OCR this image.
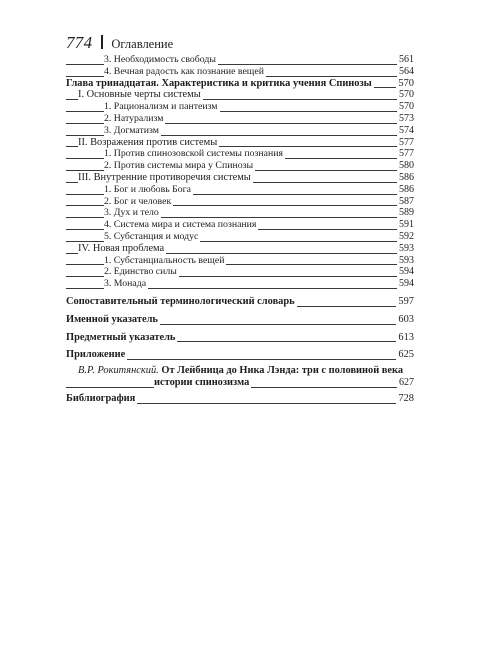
774 Оглавление
3. Необходимость свободы	561
4. Вечная радость как познание вещей	564
Глава тринадцатая. Характеристика и критика учения Спинозы	570
I. Основные черты системы	570
1. Рационализм и пантеизм	570
2. Натурализм	573
3. Догматизм	574
II. Возражения против системы	577
1. Против спинозовской системы познания	577
2. Против системы мира у Спинозы	580
III. Внутренние противоречия системы	586
1. Бог и любовь Бога	586
2. Бог и человек	587
3. Дух и тело	589
4. Система мира и система познания	591
5. Субстанция и модус	592
IV. Новая проблема	593
1. Субстанциальность вещей	593
2. Единство силы	594
3. Монада	594
Сопоставительный терминологический словарь	597
Именной указатель	603
Предметный указатель	613
Приложение	625
В.Р. Рокитянский. От Лейбница до Ника Лэнда: три с половиной века
истории спинозизма	627
Библиография	728
